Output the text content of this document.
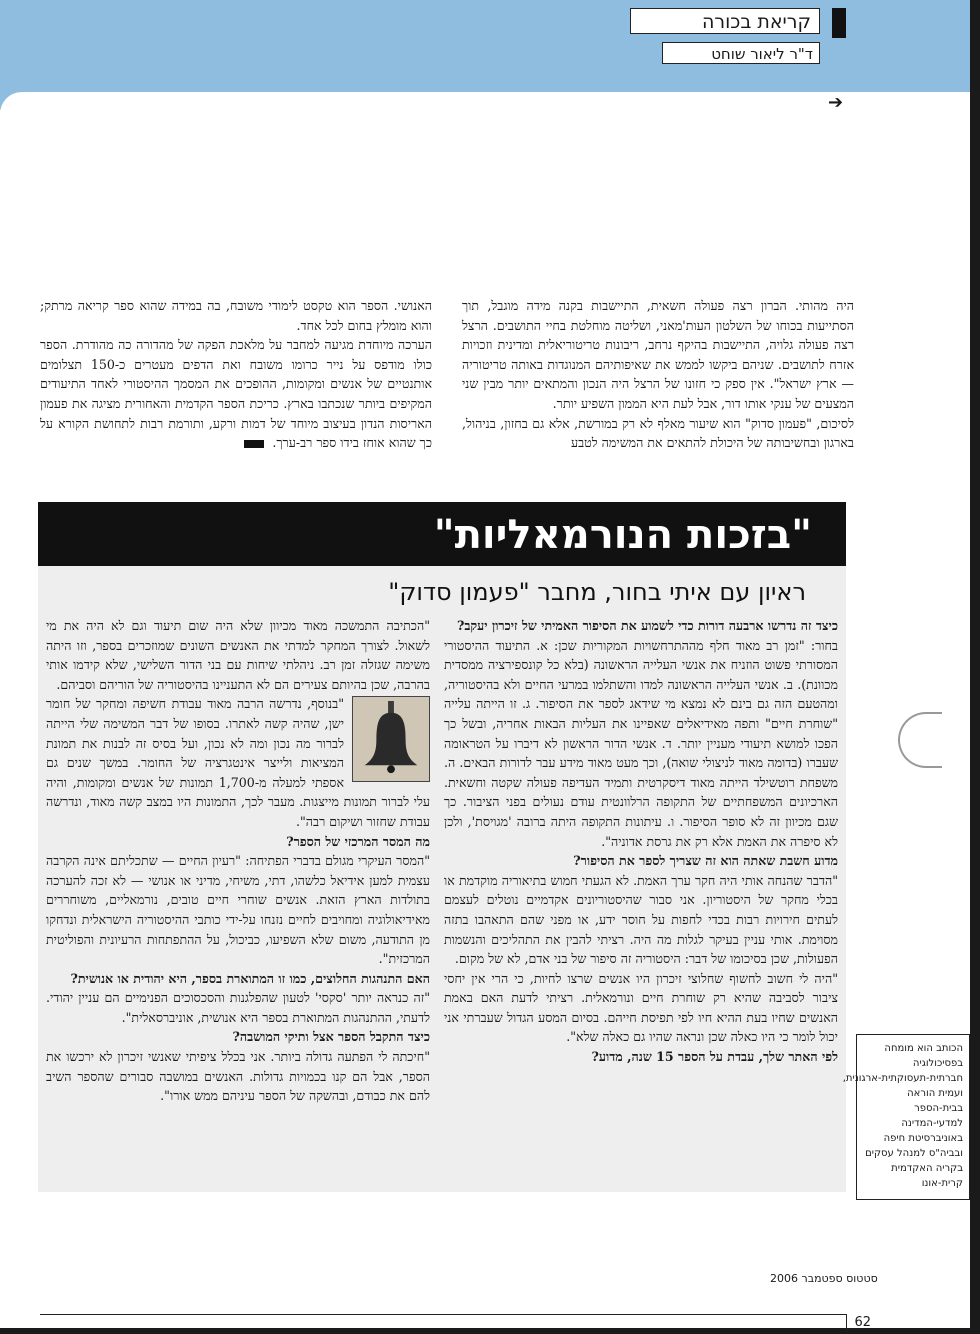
קריאת בכורה
ד"ר ליאור שוחט
➔

היה מהותי. הברון רצה פעולה חשאית, התיישבות בקנה מידה מוגבל, תוך הסתייעות בכוחו של השלטון העות'מאני, ושליטה מוחלטת בחיי התושבים. הרצל רצה פעולה גלויה, התיישבות בהיקף נרחב, ריבונות טריטוריאלית ומדינית וזכויות אזרח לתושבים. שניהם ביקשו לממש את שאיפותיהם המנוגדות באותה טריטוריה — ארץ ישראל". אין ספק כי חזונו של הרצל היה הנכון והמתאים יותר מבין שני המצעים של ענקי אותו דור, אבל לעת היא הממון השפיע יותר.

לסיכום, "פעמון סדוק" הוא שיעור מאלף לא רק במורשת, אלא גם בחזון, בניהול, בארגון ובחשיבותה של היכולת להתאים את המשימה לטבע

האנושי. הספר הוא טקסט לימודי משובח, בה במידה שהוא ספר קריאה מרתק; והוא מומלץ בחום לכל אחד.

הערכה מיוחדת מגיעה למחבר על מלאכת הפקה של מהדורה כה מהודרת. הספר כולו מודפס על נייר כרומו משובח ואת הדפים מעטרים כ-150 תצלומים אותנטיים של אנשים ומקומות, ההופכים את המסמך ההיסטורי לאחד התיעודים המקיפים ביותר שנכתבו בארץ. כריכת הספר הקדמית והאחורית מציגה את פעמון האריסות הנדון בעיצוב מיוחד של דמות ורקע, ותורמת רבות לתחושת הקורא על כך שהוא אוחז בידו ספר רב-ערך.

"בזכות הנורמאליות"
ראיון עם איתי בחור, מחבר "פעמון סדוק"

כיצד זה נדרשו ארבעה דורות כדי לשמוע את הסיפור האמיתי של זיכרון יעקב?

בחור: "זמן רב מאוד חלף מההתרחשויות המקוריות שכן: א. התיעוד ההיסטורי המסורתי פשוט הוזניח את אנשי העלייה הראשונה (בלא כל קונספירציה ממסדית מכוונת). ב. אנשי העלייה הראשונה למדו והשתלמו במרעי החיים ולא בהיסטוריה, ומהטעם הזה גם בינם לא נמצא מי שידאג לספר את הסיפור. ג. זו הייתה עלייה "שוחרת חיים" ותפה מאידיאלים שאפיינו את העליות הבאות אחריה, ובשל כך הפכו למושא תיעודי מעניין יותר. ד. אנשי הדור הראשון לא דיברו על הטראומה שעברו (בדומה מאוד לניצולי שואה), וכך מעט מאוד מידע עבר לדורות הבאים. ה. משפחת רוטשילד הייתה מאוד דיסקרטית ותמיד העדיפה פעולה שקטה וחשאית. הארכיונים המשפחתיים של התקופה הרלוונטית עודם נעולים בפני הציבור. כך שגם מכיוון זה לא סופר הסיפור. ו. עיתונות התקופה היתה ברובה 'מגויסת', ולכן לא סיפרה את האמת אלא רק את גרסת אדוניה".

מדוע חשבת שאתה הוא זה שצריך לספר את הסיפור?

"הדבר שהנחה אותי היה חקר ערך האמת. לא הגעתי חמוש בתיאוריה מוקדמת או בכלי מחקר של היסטוריון. אני סבור שהיסטוריונים אקדמיים נוטלים לעצמם לעתים חירויות רבות בכדי לחפות על חוסר ידע, או מפני שהם התאהבו בתזה מסוימת. אותי עניין בעיקר לגלות מה היה. רציתי להבין את התהליכים והנשמות הפעולות, שכן בסיכומו של דבר: היסטוריה זה סיפור של בני אדם, לא של מקום.

"היה לי חשוב לחשוף שחלוצי זיכרון היו אנשים שרצו לחיות, כי הרי אין יחסי ציבור לסביבה שהיא רק שוחרת חיים ונורמאלית. רציתי לדעת האם באמת האנשים שחיו בעת ההיא חיו לפי תפיסת חייהם. בסיום המסע הגדול שעברתי אני יכול לומר כי היו כאלה שכן ונראה שהיו גם כאלה שלא".

לפי האתר שלך, עבדת על הספר 15 שנה, מדוע?

"הכתיבה התמשכה מאוד מכיוון שלא היה שום תיעוד וגם לא היה את מי לשאול. לצורך המחקר למדתי את האנשים השונים שמוזכרים בספר, וזו היתה משימה שגזלה זמן רב. ניהלתי שיחות עם בני הדור השלישי, שלא קידמו אותי בהרבה, שכן בהיותם צעירים הם לא התעניינו בהיסטוריה של הוריהם וסביהם.

"בנוסף, נדרשה הרבה מאוד עבודת חשיפה ומחקר של חומר ישן, שהיה קשה לאתרו. בסופו של דבר המשימה שלי הייתה לברור מה נכון ומה לא נכון, ועל בסיס זה לבנות את תמונת המציאות ולייצר אינטגרציה של החומר. במשך שנים גם אספתי למעלה מ-1,700 תמונות של אנשים ומקומות, והיה עלי לברור תמונות מייצגות. מעבר לכך, התמונות היו במצב קשה מאוד, ונדרשה עבודת שחזור ושיקום רבה".

מה המסר המרכזי של הספר?

"המסר העיקרי מגולם בדברי הפתיחה: "רעיון החיים — שתכליתם אינה הקרבה עצמית למען אידיאל כלשהו, דתי, משיחי, מדיני או אנושי — לא זכה להערכה בתולדות הארץ הזאת. אנשים שוחרי חיים טובים, נורמאליים, משוחררים מאידיאולוגיה ומחויבים לחיים נזנחו על-ידי כותבי ההיסטוריה הישראלית ונדחקו מן התודעה, משום שלא השפיעו, כביכול, על ההתפתחות הרעיונית והפוליטית המרכזית".

האם התנהגות החלוצים, כמו זו המתוארת בספר, היא יהודית או אנושית?

"זה כנראה יותר 'סקסי' לטעון שהפלגנות והסכסוכים הפנימיים הם עניין יהודי. לדעתי, ההתנהגות המתוארת בספר היא אנושית, אוניברסאלית".

כיצד התקבל הספר אצל ותיקי המושבה?

"חיכתה לי הפתעה גדולה ביותר. אני בכלל ציפיתי שאנשי זיכרון לא ירכשו את הספר, אבל הם קנו בכמויות גדולות. האנשים במושבה סבורים שהספר השיב להם את כבודם, ובהשקה של הספר עיניהם ממש אורו".

הכותב הוא מומחה בפסיכולוגיה חברתית-תעסוקתית-ארגונית, ועמית הוראה בבית-הספר למדעי-המדינה באוניברסיטת חיפה ובביה"ס למנהל עסקים בקריה האקדמית קרית-אונו
סטטוס ספטמבר 2006
62
